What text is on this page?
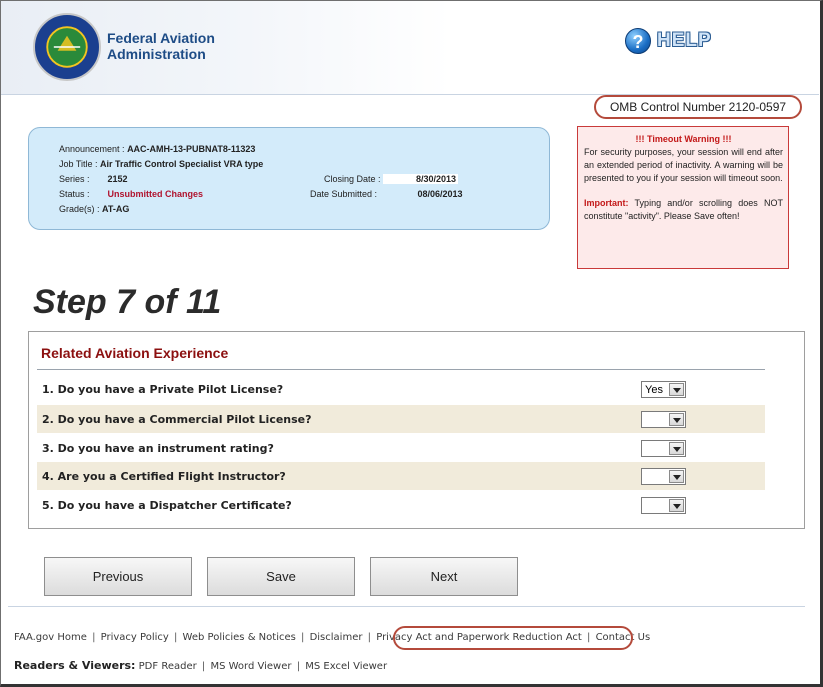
Federal Aviation
Administration
? HELP
OMB Control Number 2120-0597
Announcement : AAC-AMH-13-PUBNAT8-11323
Job Title : Air Traffic Control Specialist VRA type
Series : 2152
Status : Unsubmitted Changes
Grade(s) : AT-AG
Closing Date :	8/30/2013
Date Submitted :	08/06/2013
!!! Timeout Warning !!!

For security purposes, your session will end after an extended period of inactivity. A warning will be presented to you if your session will timeout soon.

Important: Typing and/or scrolling does NOT constitute "activity". Please Save often!

Step 7 of 11
Related Aviation Experience
1. Do you have a Private Pilot License?	Yes
2. Do you have a Commercial Pilot License?
3. Do you have an instrument rating?
4. Are you a Certified Flight Instructor?
5. Do you have a Dispatcher Certificate?
Previous	Save	Next
FAA.gov Home | Privacy Policy | Web Policies & Notices | Disclaimer | Privacy Act and Paperwork Reduction Act | Contact Us
Readers & Viewers: PDF Reader | MS Word Viewer | MS Excel Viewer
